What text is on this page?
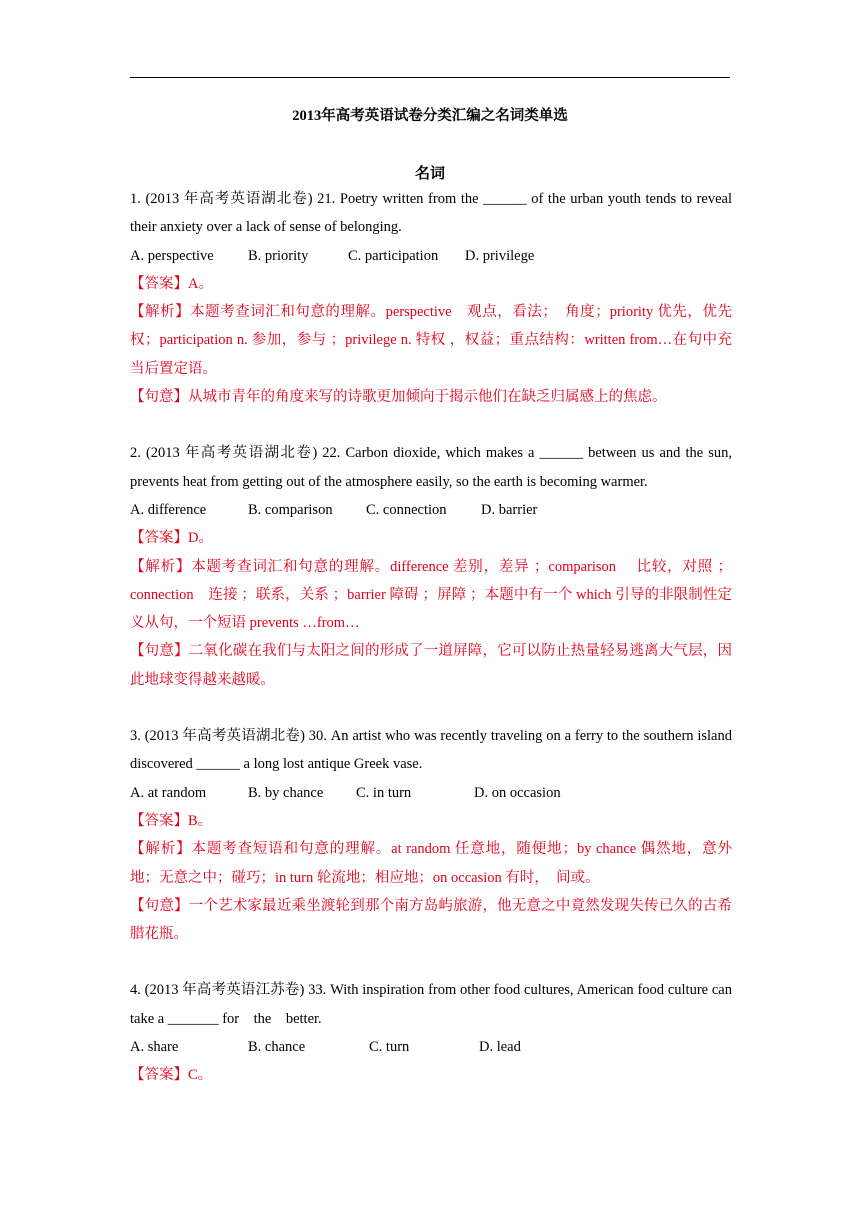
2013年高考英语试卷分类汇编之名词类单选
名词

1. (2013 年高考英语湖北卷) 21. Poetry written from the ______ of the urban youth tends to reveal their anxiety over a lack of sense of belonging.

A. perspective B. priority	C. participation D. privilege

【答案】A。

【解析】本题考查词汇和句意的理解。perspective　观点，看法；　角度；priority 优先，优先权；participation n. 参加，参与 ；privilege n. 特权 ，权益；重点结构：written from…在句中充当后置定语。

【句意】从城市青年的角度来写的诗歌更加倾向于揭示他们在缺乏归属感上的焦虑。

2. (2013 年高考英语湖北卷) 22. Carbon dioxide, which makes a ______ between us and the sun, prevents heat from getting out of the atmosphere easily, so the earth is becoming warmer.

A. difference	B. comparison C. connection D. barrier

【答案】D。

【解析】本题考查词汇和句意的理解。difference 差别，差异 ；comparison　 比较，对照 ；connection　连接 ；联系，关系 ；barrier 障碍 ；屏障 ；本题中有一个 which 引导的非限制性定义从句，一个短语 prevents …from…

【句意】二氧化碳在我们与太阳之间的形成了一道屏障，它可以防止热量轻易逃离大气层，因此地球变得越来越暖。

3. (2013 年高考英语湖北卷) 30. An artist who was recently traveling on a ferry to the southern island discovered ______ a long lost antique Greek vase.

A. at random	B. by chance C. in turn	D. on occasion

【答案】B。

【解析】本题考查短语和句意的理解。at random 任意地，随便地；by chance 偶然地，意外地；无意之中；碰巧；in turn 轮流地；相应地；on occasion 有时，　间或。

【句意】一个艺术家最近乘坐渡轮到那个南方岛屿旅游，他无意之中竟然发现失传已久的古希腊花瓶。

4. (2013 年高考英语江苏卷) 33. With inspiration from other food cultures, American food culture can take a _______ for　the　better.

A. share	B. chance	C. turn	D. lead

【答案】C。
